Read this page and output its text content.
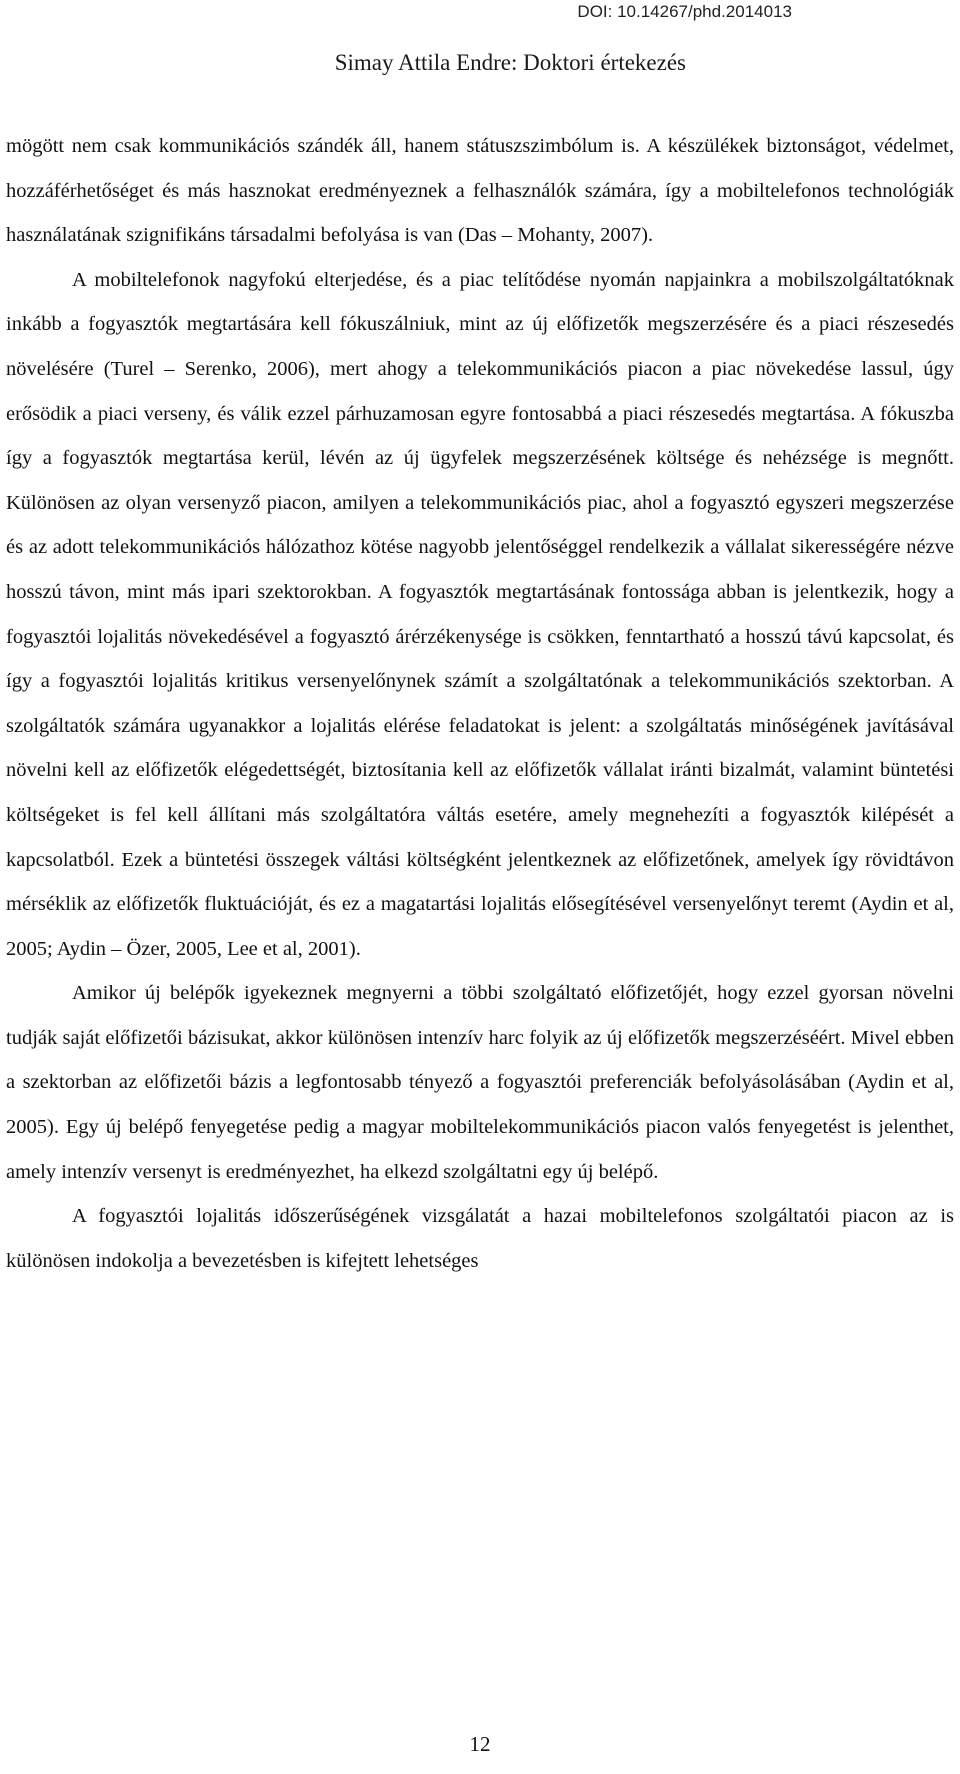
DOI: 10.14267/phd.2014013

Simay Attila Endre: Doktori értekezés

mögött nem csak kommunikációs szándék áll, hanem státuszszimbólum is. A készülékek biztonságot, védelmet, hozzáférhetőséget és más hasznokat eredményeznek a felhasználók számára, így a mobiltelefonos technológiák használatának szignifikáns társadalmi befolyása is van (Das – Mohanty, 2007).

A mobiltelefonok nagyfokú elterjedése, és a piac telítődése nyomán napjainkra a mobilszolgáltatóknak inkább a fogyasztók megtartására kell fókuszálniuk, mint az új előfizetők megszerzésére és a piaci részesedés növelésére (Turel – Serenko, 2006), mert ahogy a telekommunikációs piacon a piac növekedése lassul, úgy erősödik a piaci verseny, és válik ezzel párhuzamosan egyre fontosabbá a piaci részesedés megtartása. A fókuszba így a fogyasztók megtartása kerül, lévén az új ügyfelek megszerzésének költsége és nehézsége is megnőtt. Különösen az olyan versenyző piacon, amilyen a telekommunikációs piac, ahol a fogyasztó egyszeri megszerzése és az adott telekommunikációs hálózathoz kötése nagyobb jelentőséggel rendelkezik a vállalat sikerességére nézve hosszú távon, mint más ipari szektorokban. A fogyasztók megtartásának fontossága abban is jelentkezik, hogy a fogyasztói lojalitás növekedésével a fogyasztó árérzékenysége is csökken, fenntartható a hosszú távú kapcsolat, és így a fogyasztói lojalitás kritikus versenyelőnynek számít a szolgáltatónak a telekommunikációs szektorban. A szolgáltatók számára ugyanakkor a lojalitás elérése feladatokat is jelent: a szolgáltatás minőségének javításával növelni kell az előfizetők elégedettségét, biztosítania kell az előfizetők vállalat iránti bizalmát, valamint büntetési költségeket is fel kell állítani más szolgáltatóra váltás esetére, amely megnehezíti a fogyasztók kilépését a kapcsolatból. Ezek a büntetési összegek váltási költségként jelentkeznek az előfizetőnek, amelyek így rövidtávon mérséklik az előfizetők fluktuációját, és ez a magatartási lojalitás elősegítésével versenyelőnyt teremt (Aydin et al, 2005; Aydin – Özer, 2005, Lee et al, 2001).

Amikor új belépők igyekeznek megnyerni a többi szolgáltató előfizetőjét, hogy ezzel gyorsan növelni tudják saját előfizetői bázisukat, akkor különösen intenzív harc folyik az új előfizetők megszerzéséért. Mivel ebben a szektorban az előfizetői bázis a legfontosabb tényező a fogyasztói preferenciák befolyásolásában (Aydin et al, 2005). Egy új belépő fenyegetése pedig a magyar mobiltelekommunikációs piacon valós fenyegetést is jelenthet, amely intenzív versenyt is eredményezhet, ha elkezd szolgáltatni egy új belépő.

A fogyasztói lojalitás időszerűségének vizsgálatát a hazai mobiltelefonos szolgáltatói piacon az is különösen indokolja a bevezetésben is kifejtett lehetséges

12
